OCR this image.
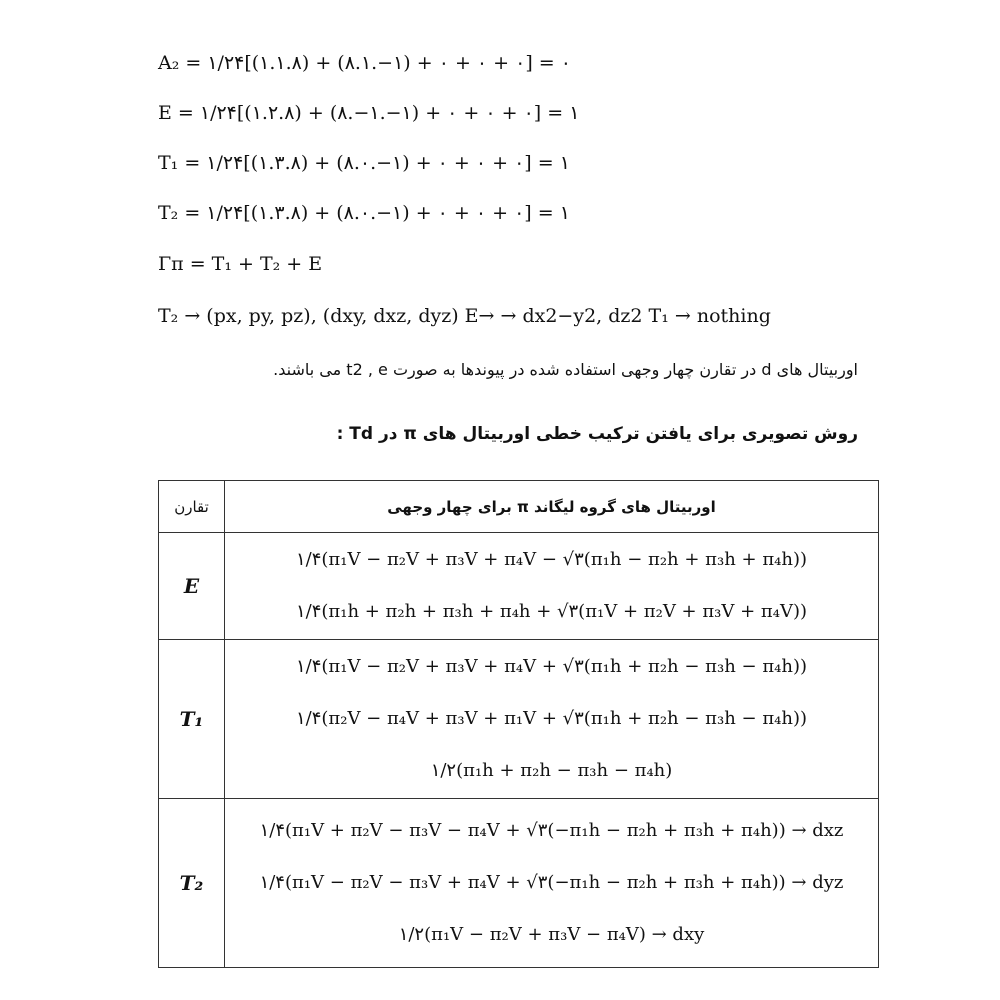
A₂ = ۱/۲۴[(۱.۱.۸) + (۸.۱.−۱) + ۰ + ۰ + ۰] = ۰
E = ۱/۲۴[(۱.۲.۸) + (۸.−۱.−۱) + ۰ + ۰ + ۰] = ۱
T₁ = ۱/۲۴[(۱.۳.۸) + (۸.۰.−۱) + ۰ + ۰ + ۰] = ۱
T₂ = ۱/۲۴[(۱.۳.۸) + (۸.۰.−۱) + ۰ + ۰ + ۰] = ۱
Γπ = T₁ + T₂ + E
T₂ → (px, py, pz), (dxy, dxz, dyz) E→ → dx2−y2, dz2 T₁ → nothing
اوربیتال های d در تقارن چهار وجهی استفاده شده در پیوندها به صورت t2 , e می باشند.
روش تصویری برای یافتن ترکیب خطی اوربیتال های π در Td :
تقارن	اوربیتال های گروه لیگاند π برای چهار وجهی
E	۱/۴(π₁V − π₂V + π₃V + π₄V − √۳(π₁h − π₂h + π₃h + π₄h))
۱/۴(π₁h + π₂h + π₃h + π₄h + √۳(π₁V + π₂V + π₃V + π₄V))

T₁	۱/۴(π₁V − π₂V + π₃V + π₄V + √۳(π₁h + π₂h − π₃h − π₄h))
۱/۴(π₂V − π₄V + π₃V + π₁V + √۳(π₁h + π₂h − π₃h − π₄h))
۱/۲(π₁h + π₂h − π₃h − π₄h)

T₂	۱/۴(π₁V + π₂V − π₃V − π₄V + √۳(−π₁h − π₂h + π₃h + π₄h)) → dxz
۱/۴(π₁V − π₂V − π₃V + π₄V + √۳(−π₁h − π₂h + π₃h + π₄h)) → dyz
۱/۲(π₁V − π₂V + π₃V − π₄V) → dxy
